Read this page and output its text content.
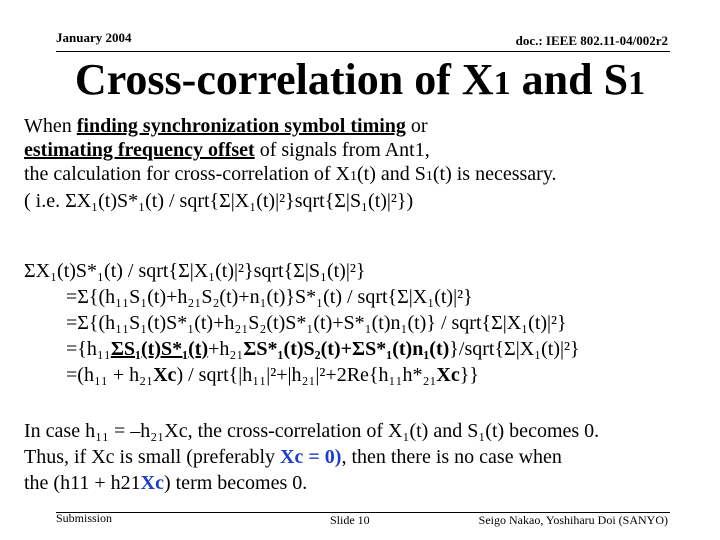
January 2004	doc.: IEEE 802.11-04/002r2
Cross-correlation of X1 and S1
When finding synchronization symbol timing or
estimating frequency offset of signals from Ant1,
the calculation for cross-correlation of X1(t) and S1(t) is necessary.
( i.e. ΣX₁(t)S*₁(t) / sqrt{Σ|X₁(t)|²}sqrt{Σ|S₁(t)|²})
ΣX₁(t)S*₁(t) / sqrt{Σ|X₁(t)|²}sqrt{Σ|S₁(t)|²}
=Σ{(h₁₁S₁(t)+h₂₁S₂(t)+n₁(t)}S*₁(t) / sqrt{Σ|X₁(t)|²}
=Σ{(h₁₁S₁(t)S*₁(t)+h₂₁S₂(t)S*₁(t)+S*₁(t)n₁(t)} / sqrt{Σ|X₁(t)|²}
={h₁₁ΣS₁(t)S*₁(t)+h₂₁ΣS*₁(t)S₂(t)+ΣS*₁(t)n₁(t)}/sqrt{Σ|X₁(t)|²}
=(h₁₁ + h₂₁Xc) / sqrt{|h₁₁|²+|h₂₁|²+2Re{h₁₁h*₂₁Xc}}
In case h₁₁ = –h₂₁Xc, the cross-correlation of X₁(t) and S₁(t) becomes 0.
Thus, if Xc is small (preferably Xc = 0), then there is no case when
the (h11 + h21Xc) term becomes 0.
Submission	Slide 10	Seigo Nakao, Yoshiharu Doi (SANYO)
